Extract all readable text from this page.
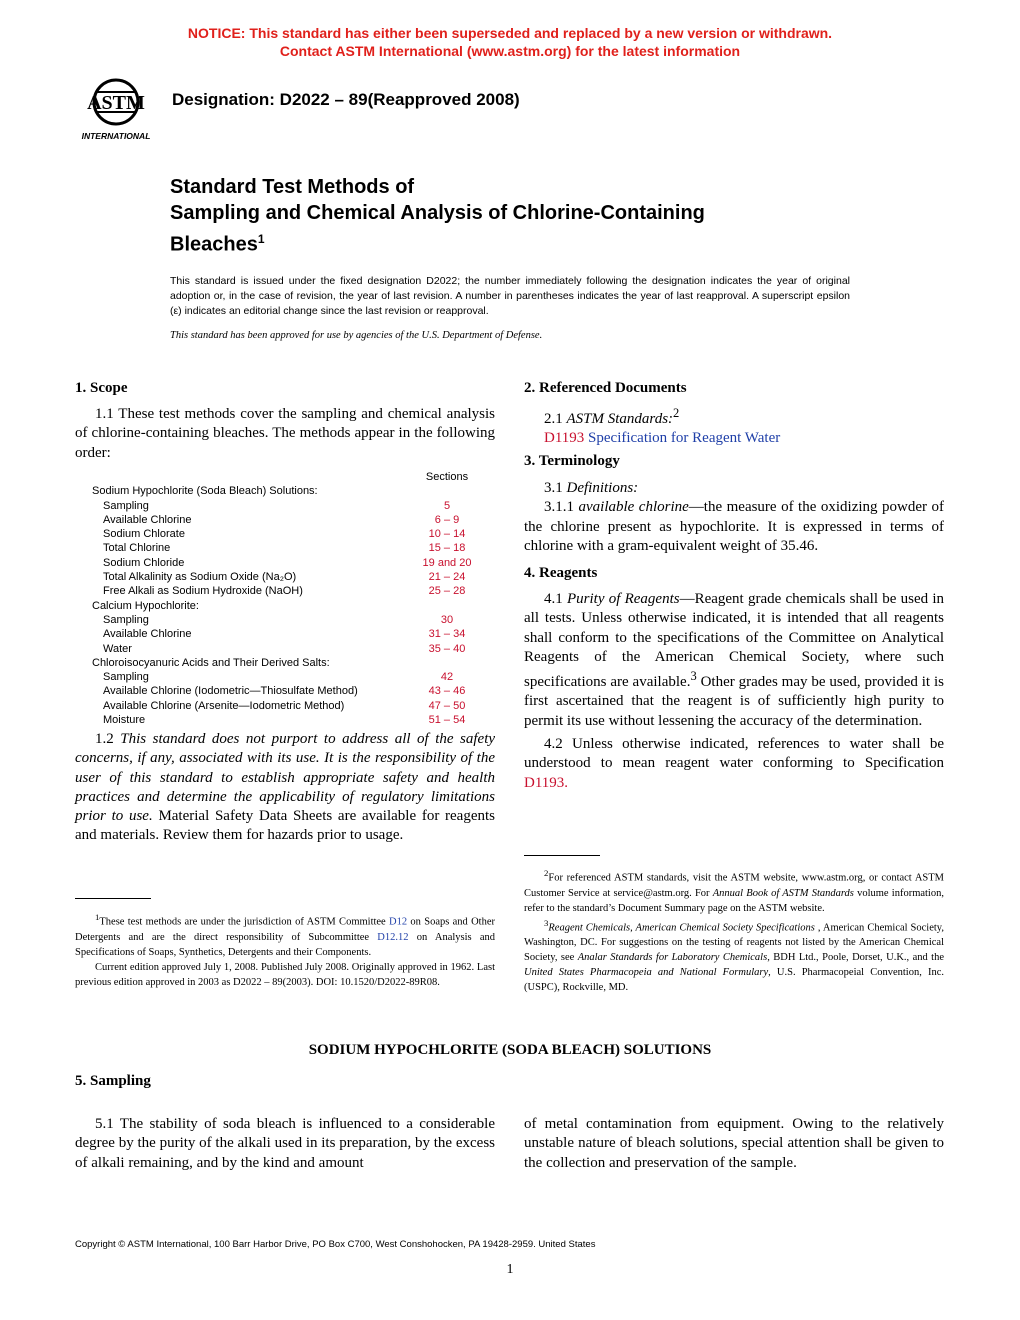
NOTICE: This standard has either been superseded and replaced by a new version or withdrawn.
Contact ASTM International (www.astm.org) for the latest information
ASTM
INTERNATIONAL
Designation: D2022 – 89(Reapproved 2008)
Standard Test Methods of
Sampling and Chemical Analysis of Chlorine-Containing
Bleaches$^1$
This standard is issued under the fixed designation D2022; the number immediately following the designation indicates the year of original adoption or, in the case of revision, the year of last revision. A number in parentheses indicates the year of last reapproval. A superscript epsilon (ε) indicates an editorial change since the last revision or reapproval.
This standard has been approved for use by agencies of the U.S. Department of Defense.
1. Scope

1.1 These test methods cover the sampling and chemical analysis of chlorine-containing bleaches. The methods appear in the following order:

Sections
Sodium Hypochlorite (Soda Bleach) Solutions:
Sampling	5
Available Chlorine	6 – 9
Sodium Chlorate	10 – 14
Total Chlorine	15 – 18
Sodium Chloride	19 and 20
Total Alkalinity as Sodium Oxide (Na₂O)	21 – 24
Free Alkali as Sodium Hydroxide (NaOH)	25 – 28
Calcium Hypochlorite:
Sampling	30
Available Chlorine	31 – 34
Water	35 – 40
Chloroisocyanuric Acids and Their Derived Salts:
Sampling	42
Available Chlorine (Iodometric—Thiosulfate Method)	43 – 46
Available Chlorine (Arsenite—Iodometric Method)	47 – 50
Moisture	51 – 54

1.2 This standard does not purport to address all of the safety concerns, if any, associated with its use. It is the responsibility of the user of this standard to establish appropriate safety and health practices and determine the applicability of regulatory limitations prior to use. Material Safety Data Sheets are available for reagents and materials. Review them for hazards prior to usage.

$^1$These test methods are under the jurisdiction of ASTM Committee D12 on Soaps and Other Detergents and are the direct responsibility of Subcommittee D12.12 on Analysis and Specifications of Soaps, Synthetics, Detergents and their Components.

Current edition approved July 1, 2008. Published July 2008. Originally approved in 1962. Last previous edition approved in 2003 as D2022 – 89(2003). DOI: 10.1520/D2022-89R08.

2. Referenced Documents

2.1 ASTM Standards:$^2$

D1193 Specification for Reagent Water

3. Terminology

3.1 Definitions:

3.1.1 available chlorine—the measure of the oxidizing powder of the chlorine present as hypochlorite. It is expressed in terms of chlorine with a gram-equivalent weight of 35.46.

4. Reagents

4.1 Purity of Reagents—Reagent grade chemicals shall be used in all tests. Unless otherwise indicated, it is intended that all reagents shall conform to the specifications of the Committee on Analytical Reagents of the American Chemical Society, where such specifications are available.$^3$ Other grades may be used, provided it is first ascertained that the reagent is of sufficiently high purity to permit its use without lessening the accuracy of the determination.

4.2 Unless otherwise indicated, references to water shall be understood to mean reagent water conforming to Specification D1193.

$^2$For referenced ASTM standards, visit the ASTM website, www.astm.org, or contact ASTM Customer Service at service@astm.org. For Annual Book of ASTM Standards volume information, refer to the standard’s Document Summary page on the ASTM website.

$^3$Reagent Chemicals, American Chemical Society Specifications , American Chemical Society, Washington, DC. For suggestions on the testing of reagents not listed by the American Chemical Society, see Analar Standards for Laboratory Chemicals, BDH Ltd., Poole, Dorset, U.K., and the United States Pharmacopeia and National Formulary, U.S. Pharmacopeial Convention, Inc. (USPC), Rockville, MD.

SODIUM HYPOCHLORITE (SODA BLEACH) SOLUTIONS
5. Sampling

5.1 The stability of soda bleach is influenced to a considerable degree by the purity of the alkali used in its preparation, by the excess of alkali remaining, and by the kind and amount

of metal contamination from equipment. Owing to the relatively unstable nature of bleach solutions, special attention shall be given to the collection and preservation of the sample.

Copyright © ASTM International, 100 Barr Harbor Drive, PO Box C700, West Conshohocken, PA 19428-2959. United States
1
